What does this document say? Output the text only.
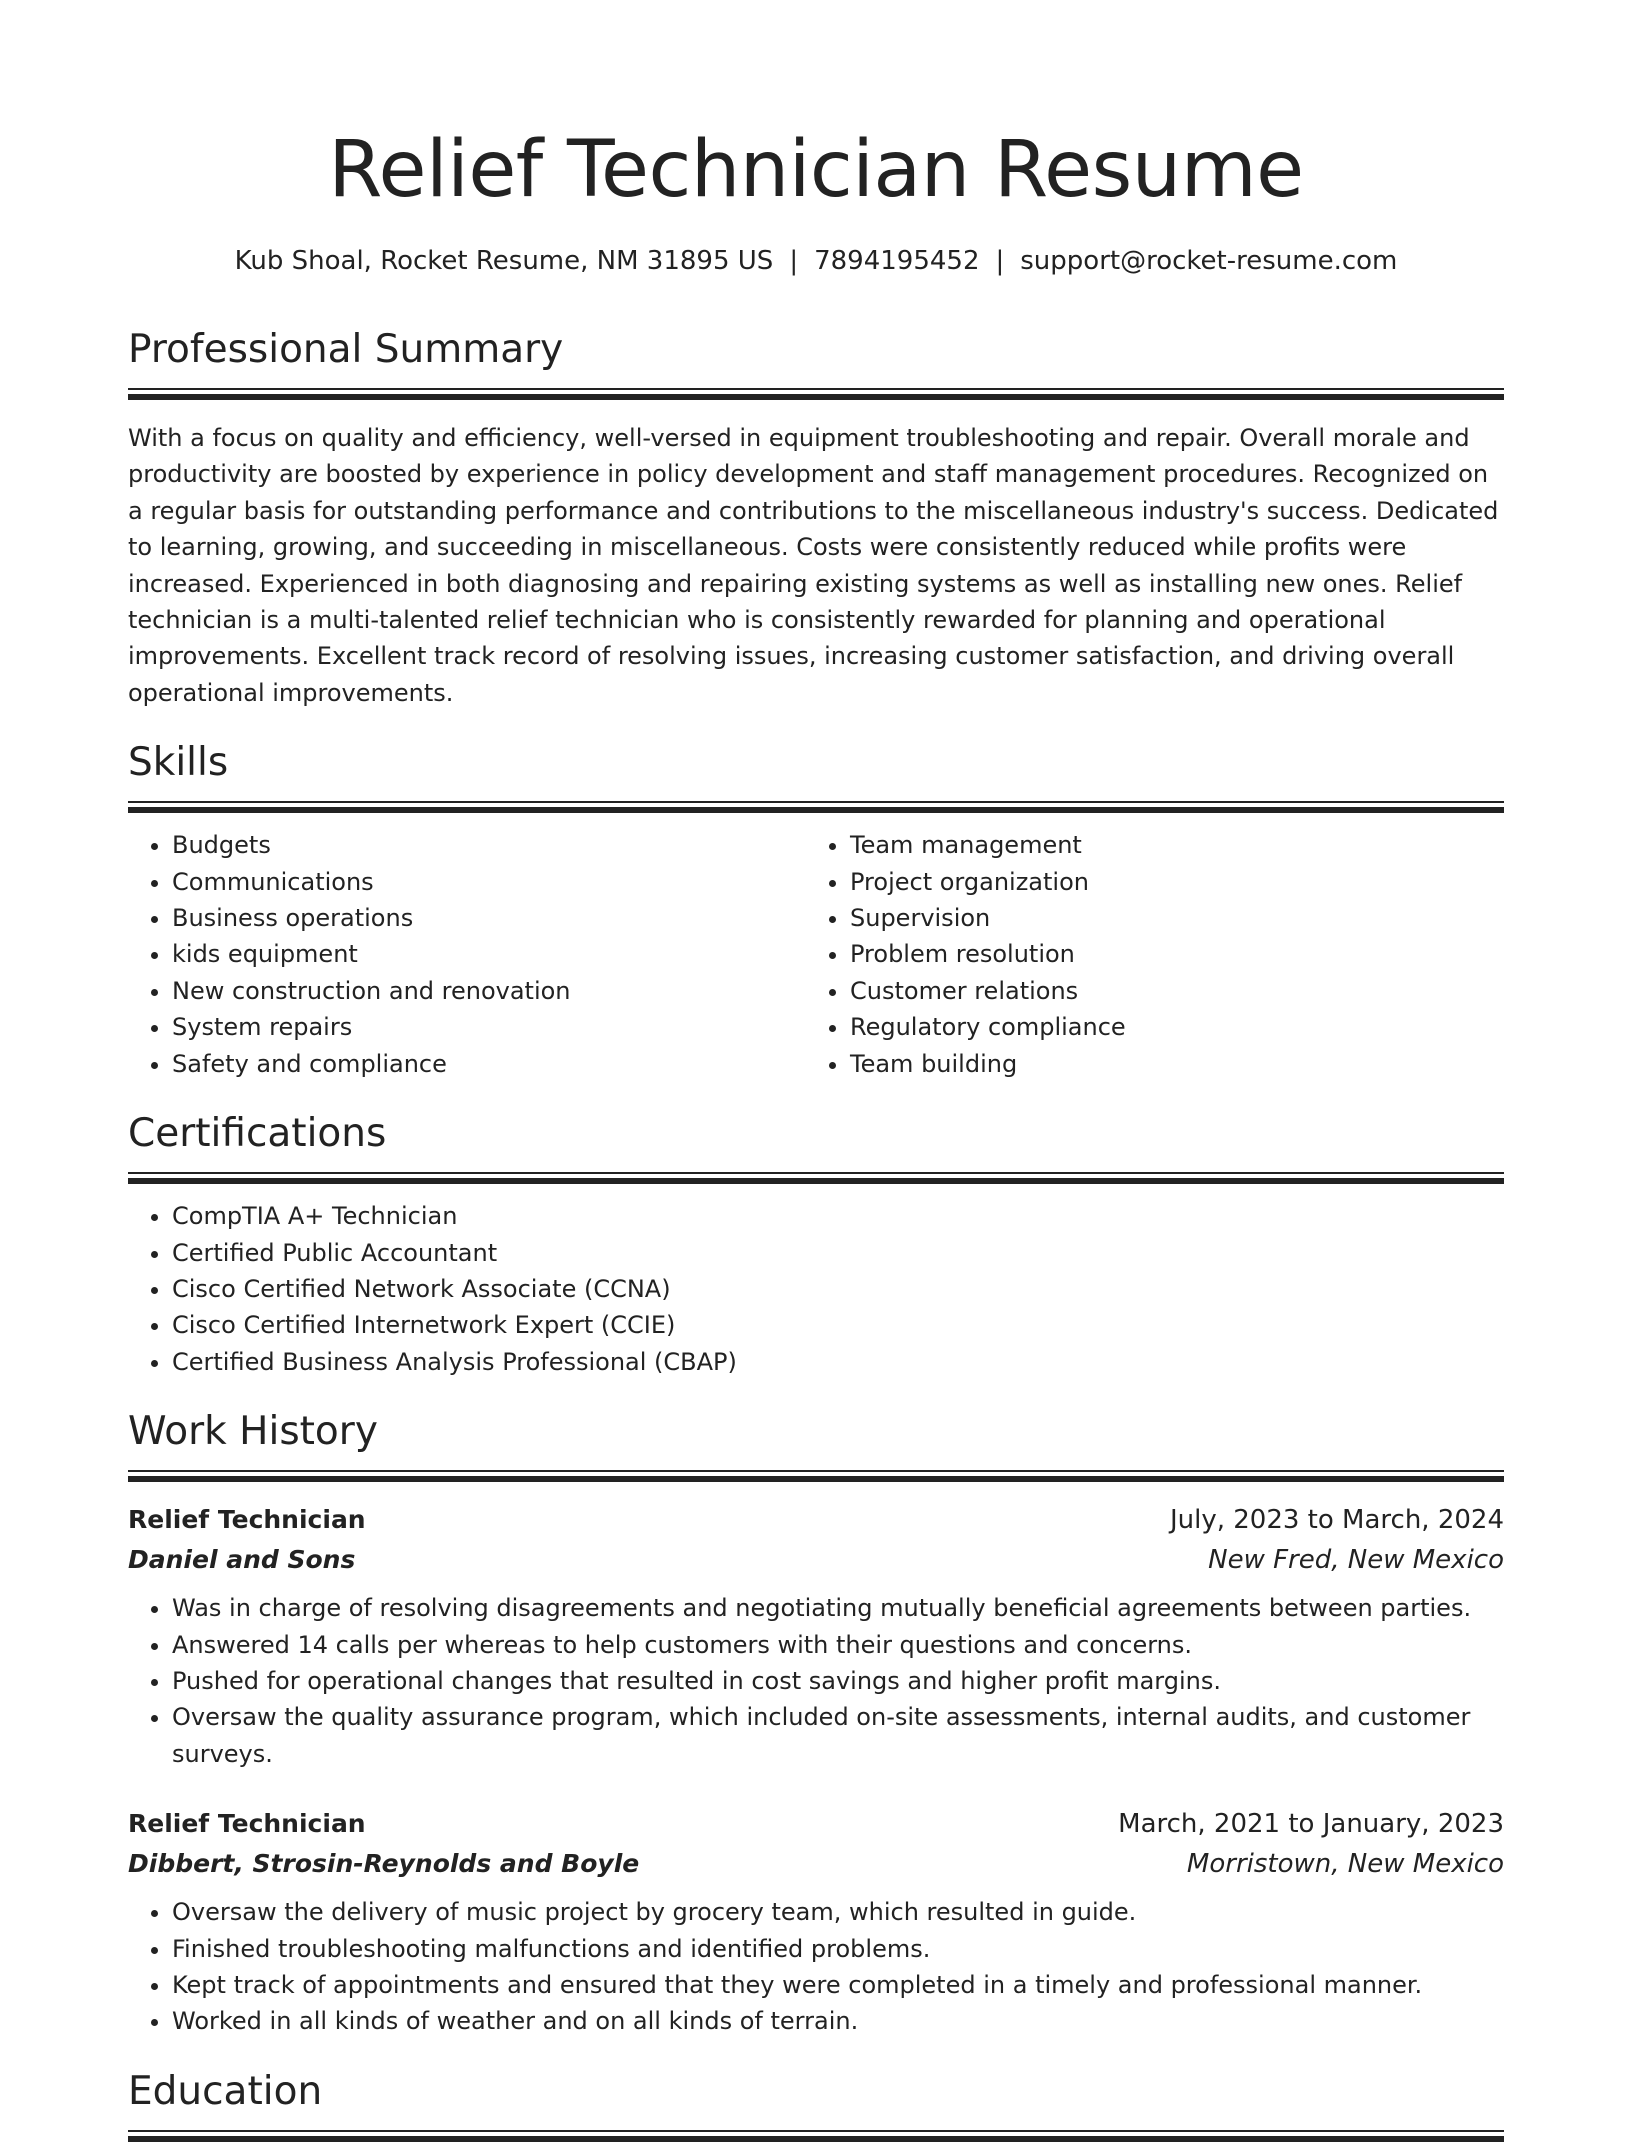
Relief Technician Resume
Kub Shoal, Rocket Resume, NM 31895 US | 7894195452 | support@rocket-resume.com
Professional Summary

With a focus on quality and efficiency, well-versed in equipment troubleshooting and repair. Overall morale and productivity are boosted by experience in policy development and staff management procedures. Recognized on a regular basis for outstanding performance and contributions to the miscellaneous industry's success. Dedicated to learning, growing, and succeeding in miscellaneous. Costs were consistently reduced while profits were increased. Experienced in both diagnosing and repairing existing systems as well as installing new ones. Relief technician is a multi-talented relief technician who is consistently rewarded for planning and operational improvements. Excellent track record of resolving issues, increasing customer satisfaction, and driving overall operational improvements.

Skills
• Budgets
• Communications
• Business operations
• kids equipment
• New construction and renovation
• System repairs
• Safety and compliance
• Team management
• Project organization
• Supervision
• Problem resolution
• Customer relations
• Regulatory compliance
• Team building
Certifications
• CompTIA A+ Technician
• Certified Public Accountant
• Cisco Certified Network Associate (CCNA)
• Cisco Certified Internetwork Expert (CCIE)
• Certified Business Analysis Professional (CBAP)
Work History
Relief Technician	July, 2023 to March, 2024
Daniel and Sons	New Fred, New Mexico
• Was in charge of resolving disagreements and negotiating mutually beneficial agreements between parties.
• Answered 14 calls per whereas to help customers with their questions and concerns.
• Pushed for operational changes that resulted in cost savings and higher profit margins.
• Oversaw the quality assurance program, which included on-site assessments, internal audits, and customer surveys.
Relief Technician	March, 2021 to January, 2023
Dibbert, Strosin-Reynolds and Boyle	Morristown, New Mexico
• Oversaw the delivery of music project by grocery team, which resulted in guide.
• Finished troubleshooting malfunctions and identified problems.
• Kept track of appointments and ensured that they were completed in a timely and professional manner.
• Worked in all kinds of weather and on all kinds of terrain.
Education
